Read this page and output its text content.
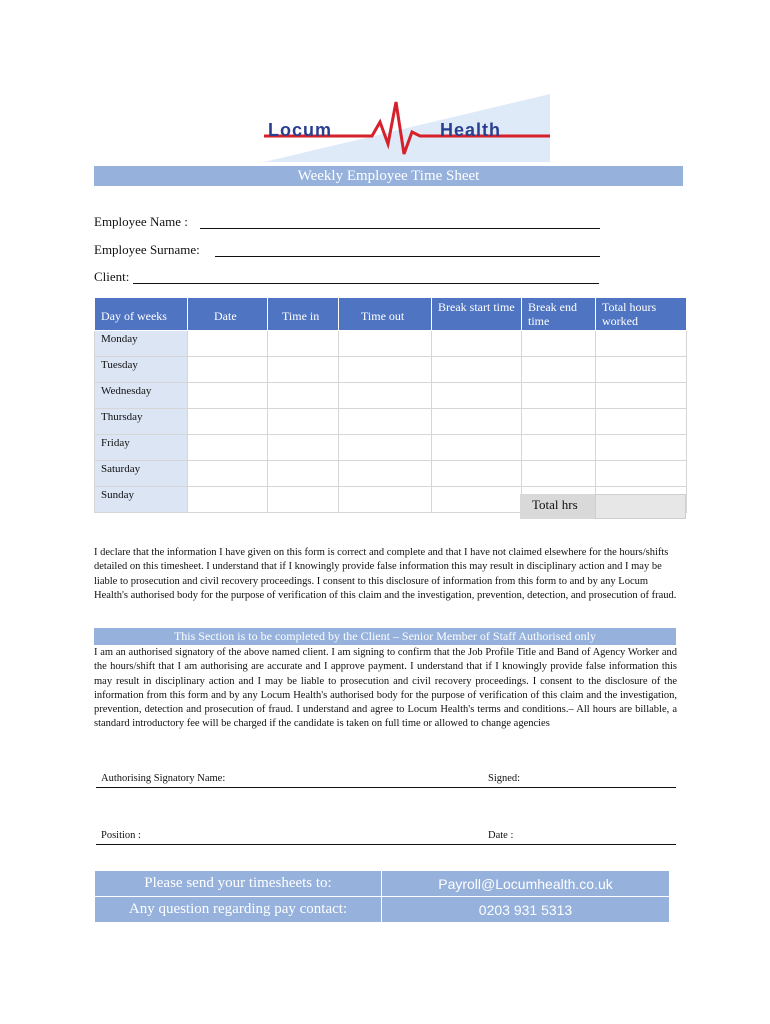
Locum	Health
Weekly Employee Time Sheet
Employee Name :
Employee Surname:
Client:
Day of weeks	Date	Time in	Time out	Break start time	Break end time	Total hours worked
Monday						
Tuesday						
Wednesday						
Thursday						
Friday						
Saturday						
Sunday						
Total hrs
I declare that the information I have given on this form is correct and complete and that I have not claimed elsewhere for the hours/shifts detailed on this timesheet. I understand that if I knowingly provide false information this may result in disciplinary action and I may be liable to prosecution and civil recovery proceedings. I consent to this disclosure of information from this form to and by any Locum Health's authorised body for the purpose of verification of this claim and the investigation, prevention, detection, and prosecution of fraud.
This Section is to be completed by the Client – Senior Member of Staff Authorised only
I am an authorised signatory of the above named client. I am signing to confirm that the Job Profile Title and Band of Agency Worker and the hours/shift that I am authorising are accurate and I approve payment. I understand that if I knowingly provide false information this may result in disciplinary action and I may be liable to prosecution and civil recovery proceedings. I consent to the disclosure of the information from this form and by any Locum Health's authorised body for the purpose of verification of this claim and the investigation, prevention, detection and prosecution of fraud. I understand and agree to Locum Health's terms and conditions.– All hours are billable, a standard introductory fee will be charged if the candidate is taken on full time or allowed to change agencies
Authorising Signatory Name:	Signed:
Position :	Date :
Please send your timesheets to:	Payroll@Locumhealth.co.uk
Any question regarding pay contact:	0203 931 5313
